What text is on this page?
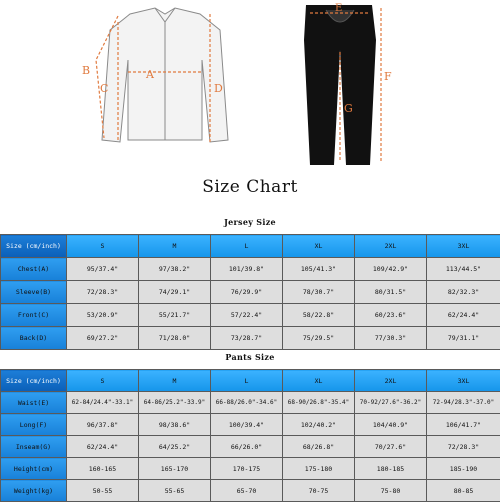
A
B
C	D
E
F
G
Size Chart
Jersey Size
Size (cm/inch)	S	M	L	XL	2XL	3XL
Chest(A)	95/37.4"	97/38.2"	101/39.8"	105/41.3"	109/42.9"	113/44.5"
Sleeve(B)	72/28.3"	74/29.1"	76/29.9"	78/30.7"	80/31.5"	82/32.3"
Front(C)	53/20.9"	55/21.7"	57/22.4"	58/22.8"	60/23.6"	62/24.4"
Back(D)	69/27.2"	71/28.0"	73/28.7"	75/29.5"	77/30.3"	79/31.1"
Pants Size
Size (cm/inch)	S	M	L	XL	2XL	3XL
Waist(E)	62-84/24.4"-33.1"	64-86/25.2"-33.9"	66-88/26.0"-34.6"	68-90/26.8"-35.4"	70-92/27.6"-36.2"	72-94/28.3"-37.0"
Long(F)	96/37.8"	98/38.6"	100/39.4"	102/40.2"	104/40.9"	106/41.7"
Inseam(G)	62/24.4"	64/25.2"	66/26.0"	68/26.8"	70/27.6"	72/28.3"
Height(cm)	160-165	165-170	170-175	175-180	180-185	185-190
Weight(kg)	50-55	55-65	65-70	70-75	75-80	80-85
